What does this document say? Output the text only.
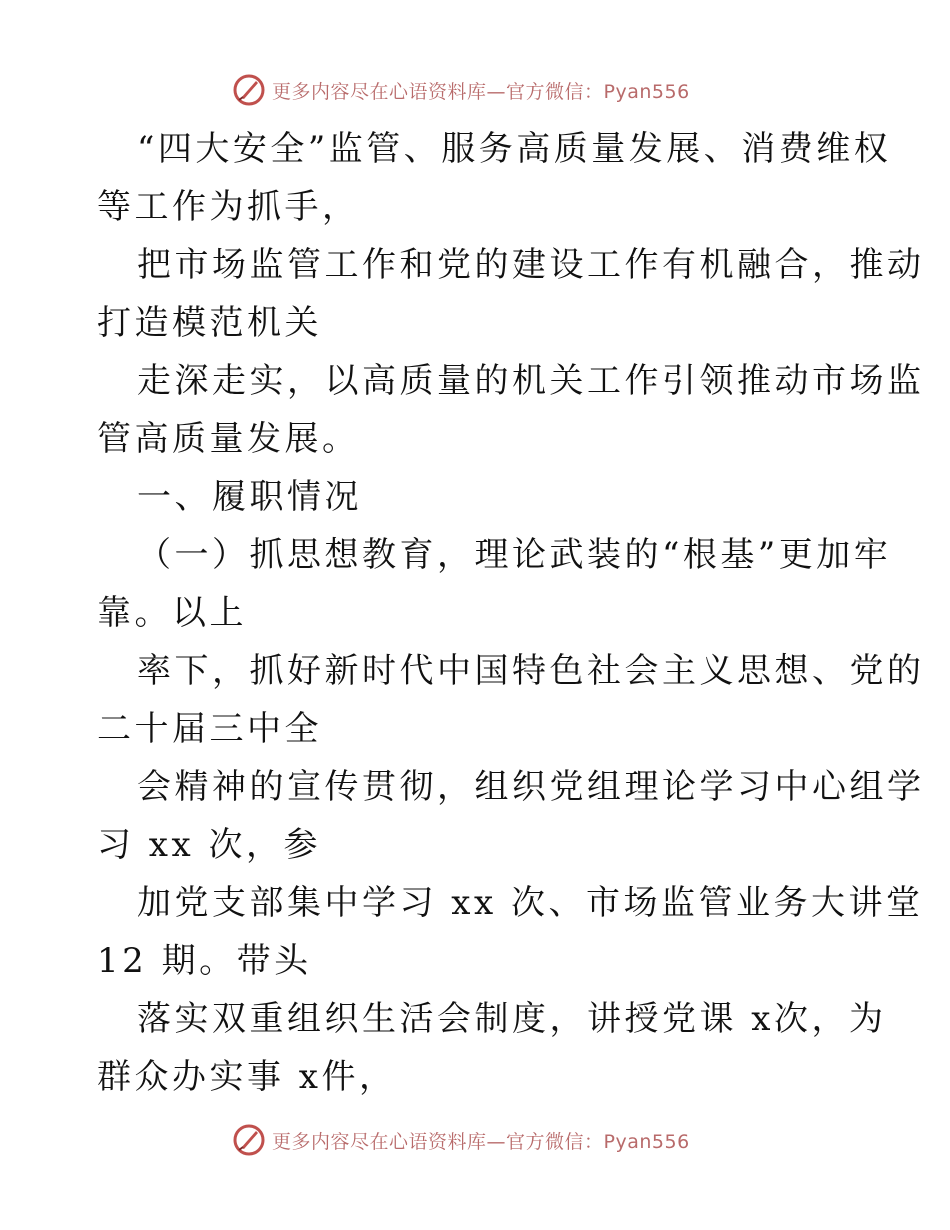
更多内容尽在心语资料库—官方微信：Pyan556

“四大安全”监管、服务高质量发展、消费维权

等工作为抓手，

把市场监管工作和党的建设工作有机融合，推动

打造模范机关

走深走实，以高质量的机关工作引领推动市场监

管高质量发展。

一、履职情况

（一）抓思想教育，理论武装的“根基”更加牢

靠。以上

率下，抓好新时代中国特色社会主义思想、党的

二十届三中全

会精神的宣传贯彻，组织党组理论学习中心组学

习 xx 次，参

加党支部集中学习 xx 次、市场监管业务大讲堂

12 期。带头

落实双重组织生活会制度，讲授党课 x次，为

群众办实事 x件，

更多内容尽在心语资料库—官方微信：Pyan556
